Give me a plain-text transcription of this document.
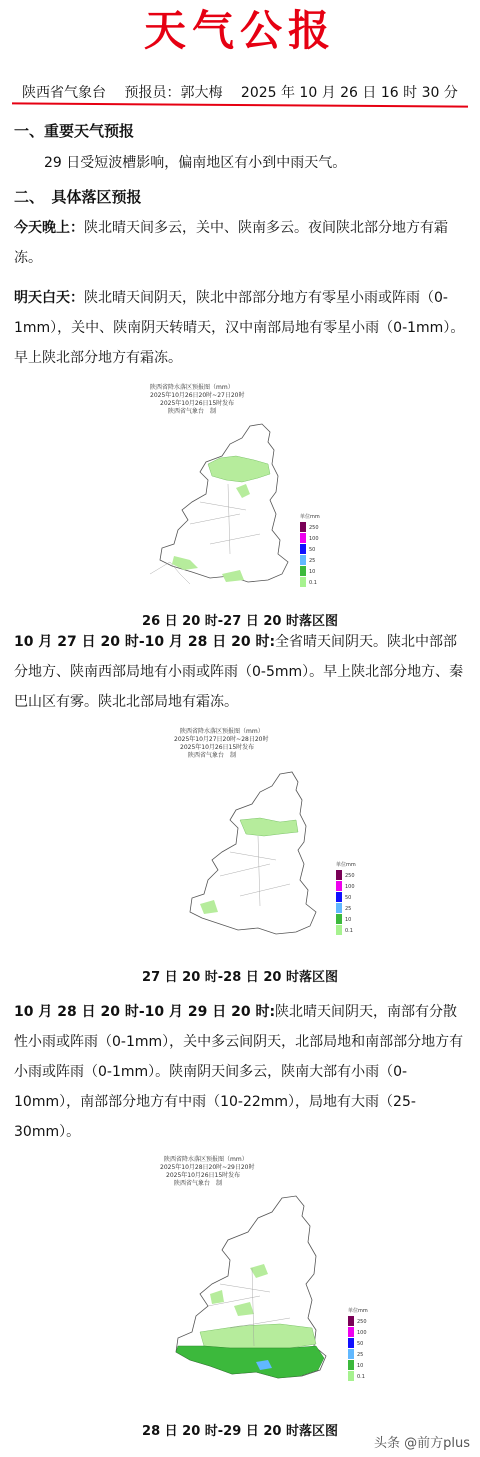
天气公报
陕西省气象台 预报员：郭大梅 2025 年 10 月 26 日 16 时 30 分
一、重要天气预报
29 日受短波槽影响，偏南地区有小到中雨天气。
二、　具体落区预报
今天晚上：陕北晴天间多云，关中、陕南多云。夜间陕北部分地方有霜冻。
明天白天：陕北晴天间阴天，陕北中部部分地方有零星小雨或阵雨（0-1mm），关中、陕南阴天转晴天，汉中南部局地有零星小雨（0-1mm）。早上陕北部分地方有霜冻。
陕西省降水落区预报图（mm）
2025年10月26日20时~27日20时
2025年10月26日15时发布
陕西省气象台　制
单位mm
250
100
50
25
10
0.1
26 日 20 时-27 日 20 时落区图
10 月 27 日 20 时-10 月 28 日 20 时:全省晴天间阴天。陕北中部部分地方、陕南西部局地有小雨或阵雨（0-5mm）。早上陕北部分地方、秦巴山区有雾。陕北北部局地有霜冻。
陕西省降水落区预报图（mm）
2025年10月27日20时~28日20时
2025年10月26日15时发布
陕西省气象台　制
单位mm
250
100
50
25
10
0.1
27 日 20 时-28 日 20 时落区图
10 月 28 日 20 时-10 月 29 日 20 时:陕北晴天间阴天，南部有分散性小雨或阵雨（0-1mm），关中多云间阴天，北部局地和南部部分地方有小雨或阵雨（0-1mm）。陕南阴天间多云，陕南大部有小雨（0-10mm），南部部分地方有中雨（10-22mm），局地有大雨（25-30mm）。
陕西省降水落区预报图（mm）
2025年10月28日20时~29日20时
2025年10月26日15时发布
陕西省气象台　制
单位mm
250
100
50
25
10
0.1
28 日 20 时-29 日 20 时落区图
头条 @前方plus
